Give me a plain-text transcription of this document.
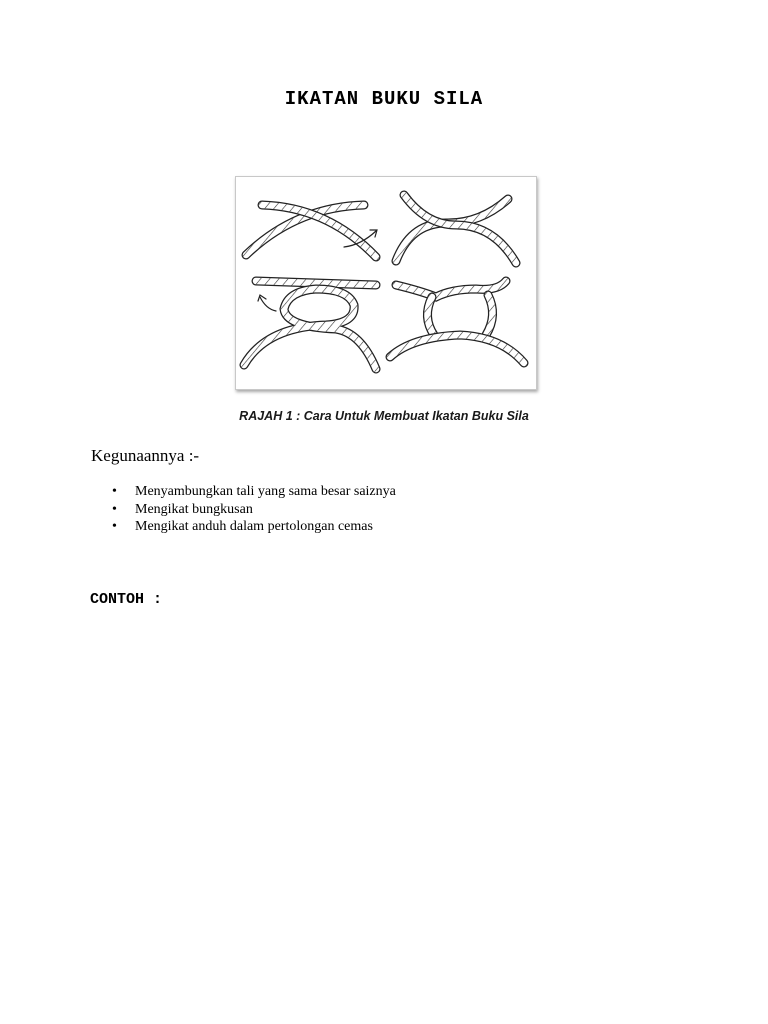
IKATAN BUKU SILA
RAJAH 1 : Cara Untuk Membuat Ikatan Buku Sila
Kegunaannya :-
• Menyambungkan tali yang sama besar saiznya
• Mengikat bungkusan
• Mengikat anduh dalam pertolongan cemas
CONTOH :
